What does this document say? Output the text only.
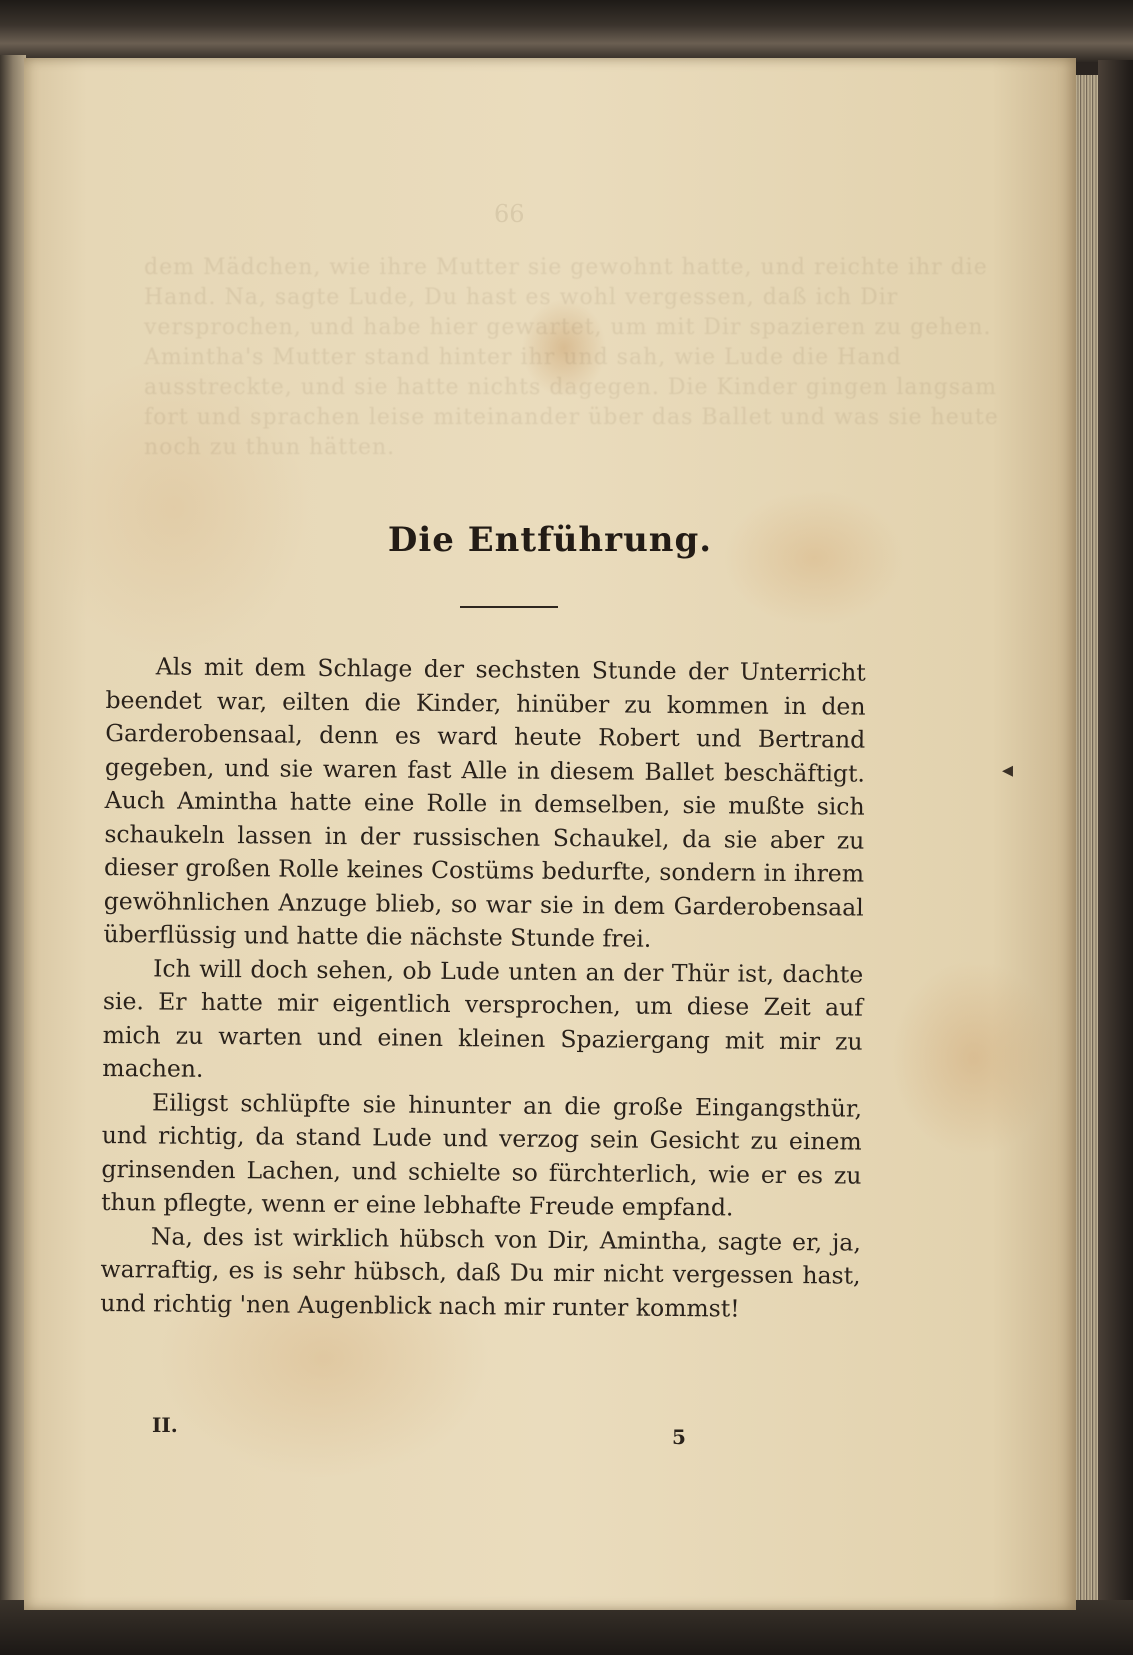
66
dem Mädchen, wie ihre Mutter sie gewohnt hatte, und reichte ihr die Hand. Na, sagte Lude, Du hast es wohl vergessen, daß ich Dir versprochen, und habe hier gewartet, um mit Dir spazieren zu gehen. Amintha's Mutter stand hinter ihr und sah, wie Lude die Hand ausstreckte, und sie hatte nichts dagegen. Die Kinder gingen langsam fort und sprachen leise miteinander über das Ballet und was sie heute noch zu thun hätten.
Die Entführung.

Als mit dem Schlage der sechsten Stunde der Unterricht beendet war, eilten die Kinder, hinüber zu kommen in den Garderobensaal, denn es ward heute Robert und Bertrand gegeben, und sie waren fast Alle in diesem Ballet beschäftigt. Auch Amintha hatte eine Rolle in demselben, sie mußte sich schaukeln lassen in der russischen Schaukel, da sie aber zu dieser großen Rolle keines Costüms bedurfte, sondern in ihrem gewöhnlichen Anzuge blieb, so war sie in dem Garderobensaal überflüssig und hatte die nächste Stunde frei.

Ich will doch sehen, ob Lude unten an der Thür ist, dachte sie. Er hatte mir eigentlich versprochen, um diese Zeit auf mich zu warten und einen kleinen Spaziergang mit mir zu machen.

Eiligst schlüpfte sie hinunter an die große Eingangsthür, und richtig, da stand Lude und verzog sein Gesicht zu einem grinsenden Lachen, und schielte so fürchterlich, wie er es zu thun pflegte, wenn er eine lebhafte Freude empfand.

Na, des ist wirklich hübsch von Dir, Amintha, sagte er, ja, warraftig, es is sehr hübsch, daß Du mir nicht vergessen hast, und richtig 'nen Augenblick nach mir runter kommst!

II.	5
◂
